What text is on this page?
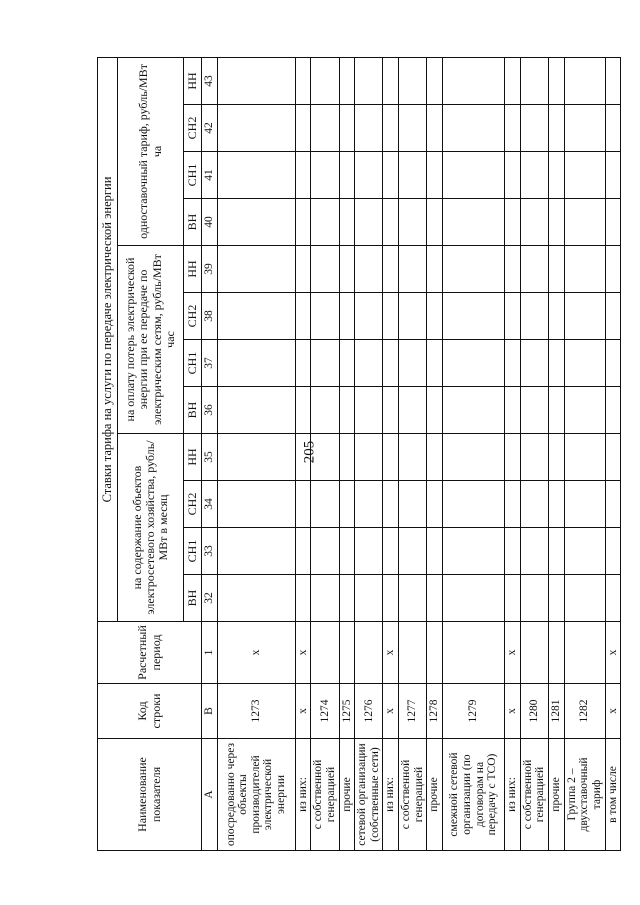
205
Наименование показателя	Код строки	Расчетный период	Ставки тарифа на услуги по передаче электрической энергии											
			на содержание объектов электросетевого хозяйства, рубль/МВт в месяц				на оплату потерь электрической энергии при ее передаче по электрическим сетям, рубль/МВт час				одноставочный тариф, рубль/МВт ча			
			ВН	СН1	СН2	НН	ВН	СН1	СН2	НН	ВН	СН1	СН2	НН
А	В	1	32	33	34	35	36	37	38	39	40	41	42	43
опосредованно через объекты производителей электрической энергии	1273	х												
из них:	х	х												
с собственной генерацией	1274													
прочие	1275													
сетевой организации (собственные сети)	1276													
из них:	х	х												
с собственной генерацией	1277													
прочие	1278													
смежной сетевой организации (по договорам на передачу с ТСО)	1279													
из них:	х	х												
с собственной генерацией	1280													
прочие	1281													
Группа 2 – двухставочный тариф	1282													
в том числе	х	х												
